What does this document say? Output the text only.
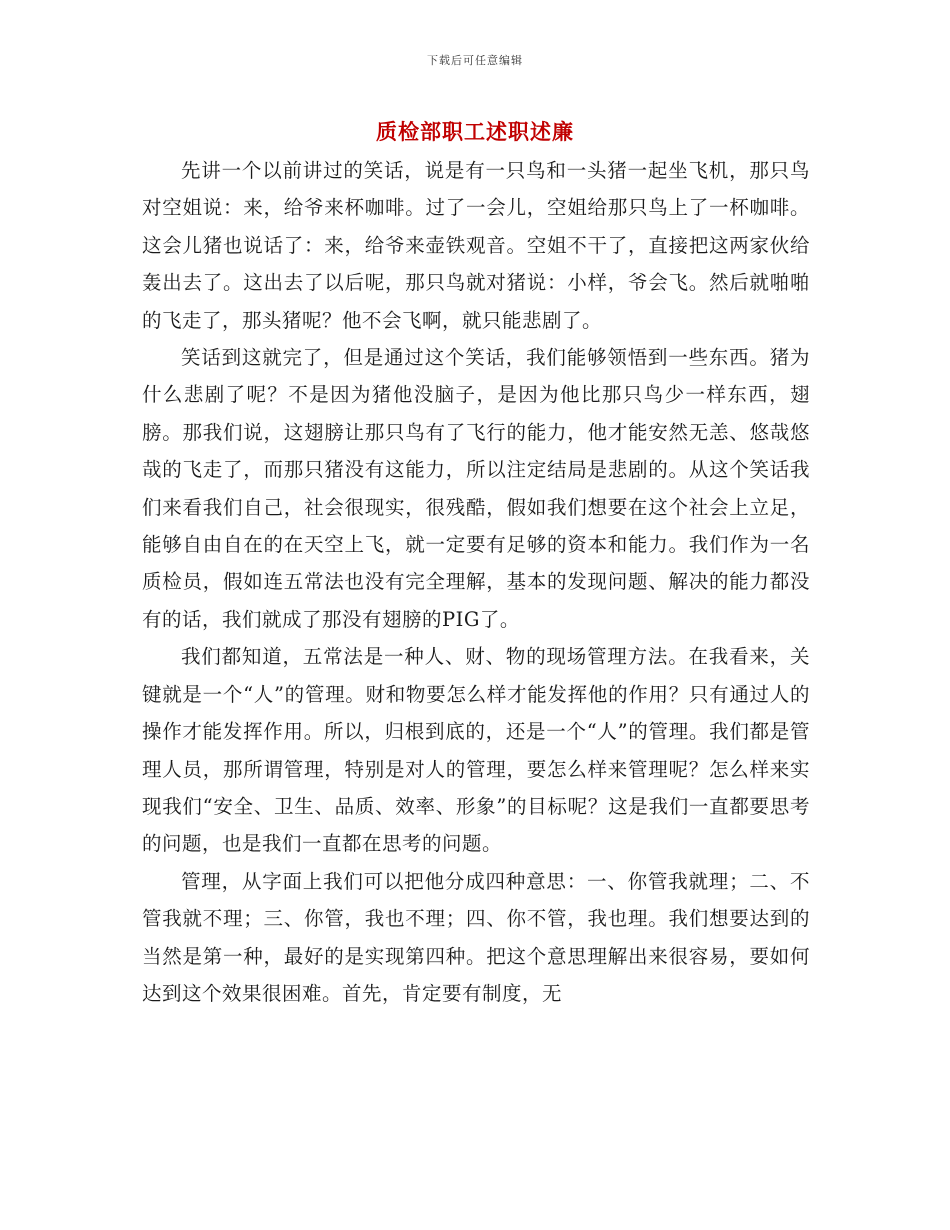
下载后可任意编辑
质检部职工述职述廉

先讲一个以前讲过的笑话，说是有一只鸟和一头猪一起坐飞机，那只鸟对空姐说：来，给爷来杯咖啡。过了一会儿，空姐给那只鸟上了一杯咖啡。这会儿猪也说话了：来，给爷来壶铁观音。空姐不干了，直接把这两家伙给轰出去了。这出去了以后呢，那只鸟就对猪说：小样，爷会飞。然后就啪啪的飞走了，那头猪呢？他不会飞啊，就只能悲剧了。

笑话到这就完了，但是通过这个笑话，我们能够领悟到一些东西。猪为什么悲剧了呢？不是因为猪他没脑子，是因为他比那只鸟少一样东西，翅膀。那我们说，这翅膀让那只鸟有了飞行的能力，他才能安然无恙、悠哉悠哉的飞走了，而那只猪没有这能力，所以注定结局是悲剧的。从这个笑话我们来看我们自己，社会很现实，很残酷，假如我们想要在这个社会上立足，能够自由自在的在天空上飞，就一定要有足够的资本和能力。我们作为一名质检员，假如连五常法也没有完全理解，基本的发现问题、解决的能力都没有的话，我们就成了那没有翅膀的PIG了。

我们都知道，五常法是一种人、财、物的现场管理方法。在我看来，关键就是一个“人”的管理。财和物要怎么样才能发挥他的作用？只有通过人的操作才能发挥作用。所以，归根到底的，还是一个“人”的管理。我们都是管理人员，那所谓管理，特别是对人的管理，要怎么样来管理呢？怎么样来实现我们“安全、卫生、品质、效率、形象”的目标呢？这是我们一直都要思考的问题，也是我们一直都在思考的问题。

管理，从字面上我们可以把他分成四种意思：一、你管我就理；二、不管我就不理；三、你管，我也不理；四、你不管，我也理。我们想要达到的当然是第一种，最好的是实现第四种。把这个意思理解出来很容易，要如何达到这个效果很困难。首先，肯定要有制度，无
